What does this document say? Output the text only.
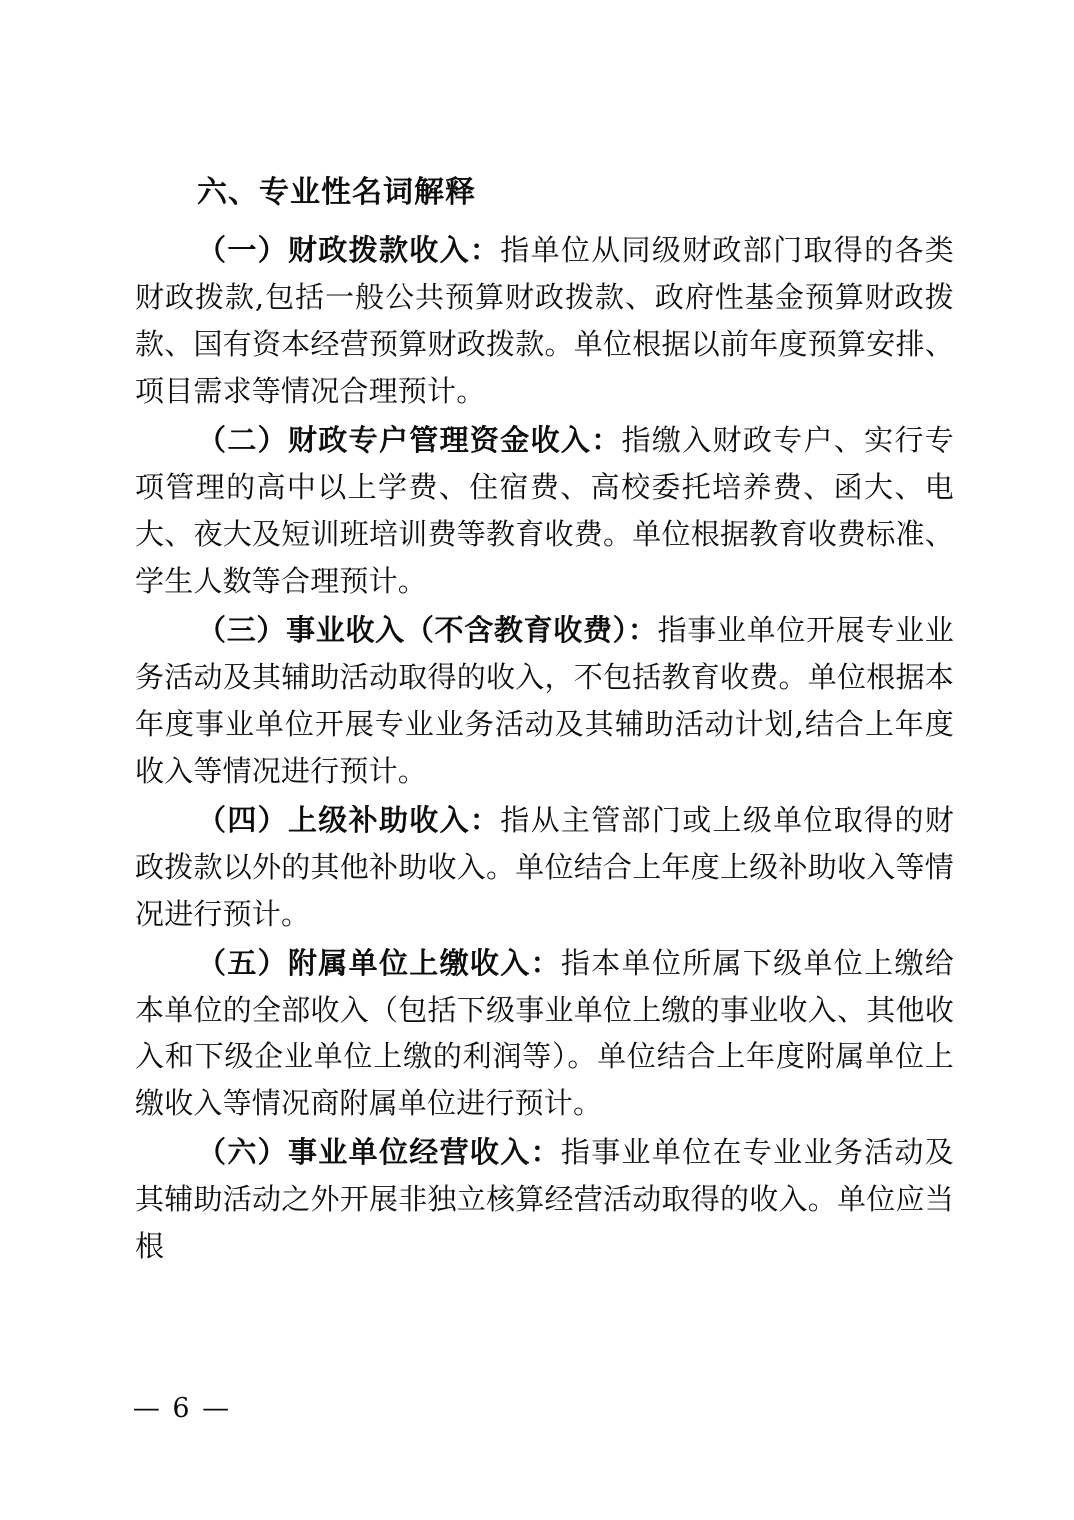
六、专业性名词解释

（一）财政拨款收入：指单位从同级财政部门取得的各类财政拨款,包括一般公共预算财政拨款、政府性基金预算财政拨款、国有资本经营预算财政拨款。单位根据以前年度预算安排、项目需求等情况合理预计。

（二）财政专户管理资金收入：指缴入财政专户、实行专项管理的高中以上学费、住宿费、高校委托培养费、函大、电大、夜大及短训班培训费等教育收费。单位根据教育收费标准、学生人数等合理预计。

（三）事业收入（不含教育收费）：指事业单位开展专业业务活动及其辅助活动取得的收入，不包括教育收费。单位根据本年度事业单位开展专业业务活动及其辅助活动计划,结合上年度收入等情况进行预计。

（四）上级补助收入：指从主管部门或上级单位取得的财政拨款以外的其他补助收入。单位结合上年度上级补助收入等情况进行预计。

（五）附属单位上缴收入：指本单位所属下级单位上缴给本单位的全部收入（包括下级事业单位上缴的事业收入、其他收入和下级企业单位上缴的利润等）。单位结合上年度附属单位上缴收入等情况商附属单位进行预计。

（六）事业单位经营收入：指事业单位在专业业务活动及其辅助活动之外开展非独立核算经营活动取得的收入。单位应当根

— 6 —
